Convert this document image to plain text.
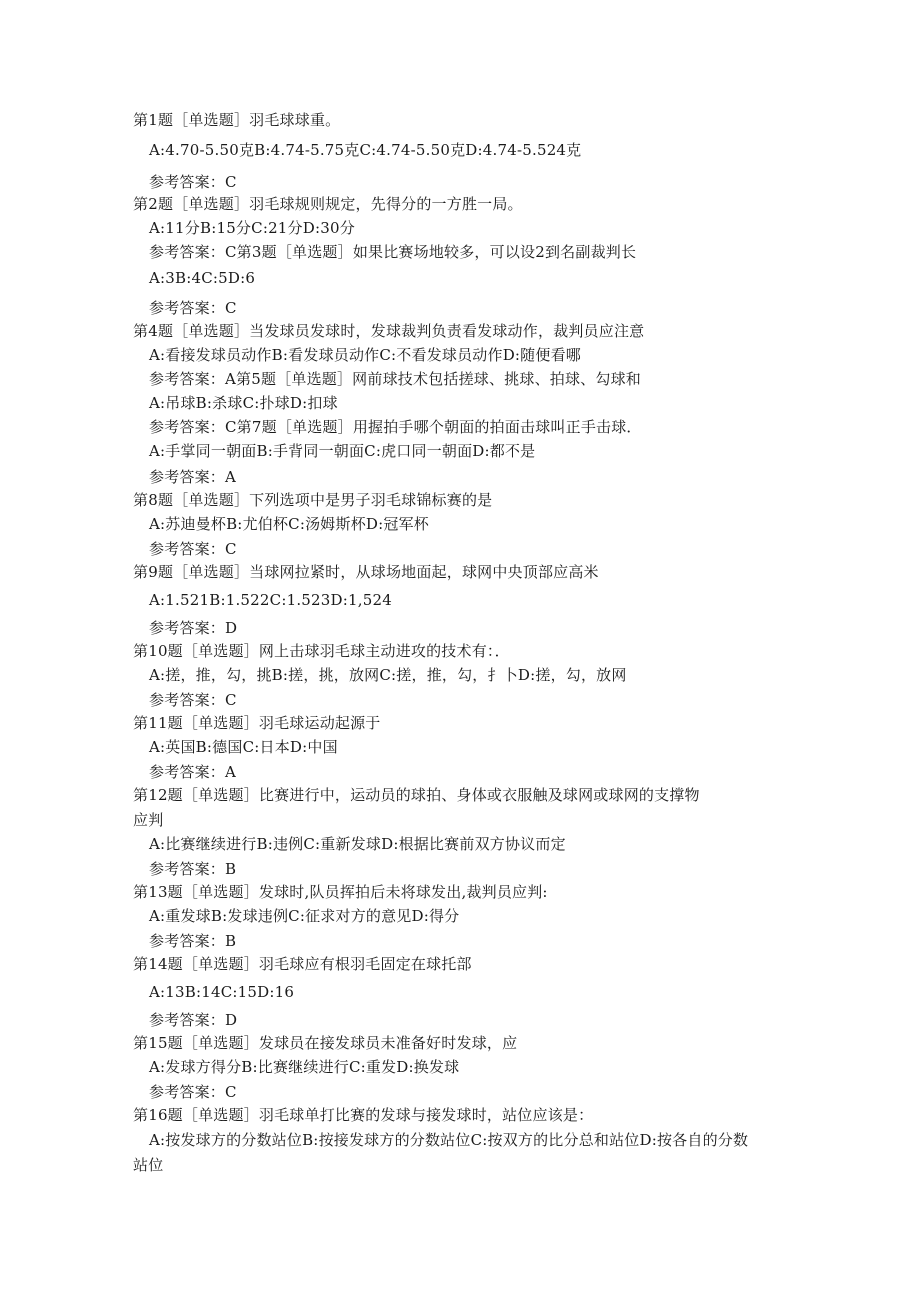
第1题［单选题］羽毛球球重。
A:4.70-5.50克B:4.74-5.75克C:4.74-5.50克D:4.74-5.524克
参考答案：C
第2题［单选题］羽毛球规则规定，先得分的一方胜一局。
A:11分B:15分C:21分D:30分
参考答案：C第3题［单选题］如果比赛场地较多，可以设2到名副裁判长
A:3B:4C:5D:6
参考答案：C
第4题［单选题］当发球员发球时，发球裁判负责看发球动作，裁判员应注意
A:看接发球员动作B:看发球员动作C:不看发球员动作D:随便看哪
参考答案：A第5题［单选题］网前球技术包括搓球、挑球、拍球、勾球和
A:吊球B:杀球C:扑球D:扣球
参考答案：C第7题［单选题］用握拍手哪个朝面的拍面击球叫正手击球．
A:手掌同一朝面B:手背同一朝面C:虎口同一朝面D:都不是
参考答案：A
第8题［单选题］下列选项中是男子羽毛球锦标赛的是
A:苏迪曼杯B:尤伯杯C:汤姆斯杯D:冠军杯
参考答案：C
第9题［单选题］当球网拉紧时，从球场地面起，球网中央顶部应高米
A:1.521B:1.522C:1.523D:1,524
参考答案：D
第10题［单选题］网上击球羽毛球主动进攻的技术有：．
A:搓，推，勾，挑B:搓，挑，放网C:搓，推，勾，扌卜D:搓，勾，放网
参考答案：C
第11题［单选题］羽毛球运动起源于
A:英国B:德国C:日本D:中国
参考答案：A
第12题［单选题］比赛进行中，运动员的球拍、身体或衣服触及球网或球网的支撑物
应判
A:比赛继续进行B:违例C:重新发球D:根据比赛前双方协议而定
参考答案：B
第13题［单选题］发球时,队员挥拍后未将球发出,裁判员应判:
A:重发球B:发球违例C:征求对方的意见D:得分
参考答案：B
第14题［单选题］羽毛球应有根羽毛固定在球托部
A:13B:14C:15D:16
参考答案：D
第15题［单选题］发球员在接发球员未准备好时发球，应
A:发球方得分B:比赛继续进行C:重发D:换发球
参考答案：C
第16题［单选题］羽毛球单打比赛的发球与接发球时，站位应该是：
A:按发球方的分数站位B:按接发球方的分数站位C:按双方的比分总和站位D:按各自的分数
站位
